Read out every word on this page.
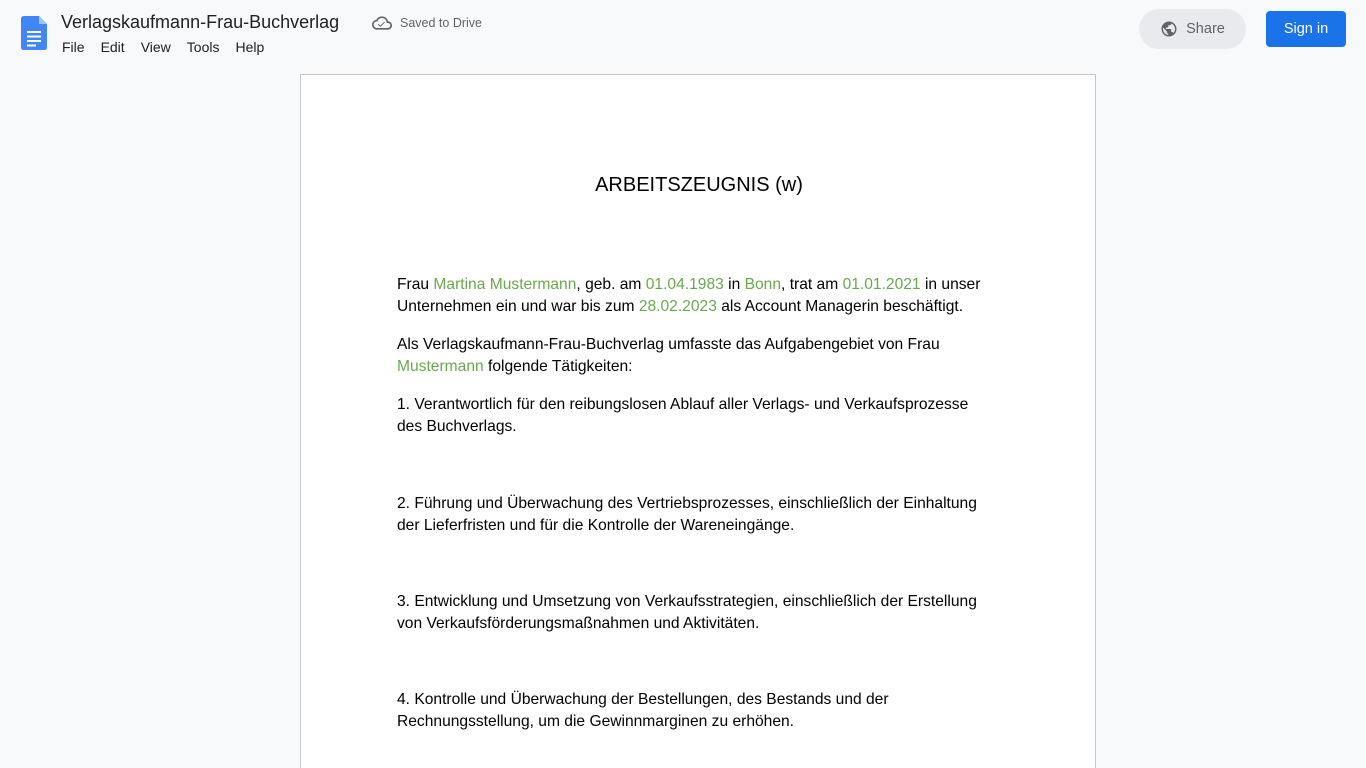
Verlagskaufmann-Frau-Buchverlag	Saved to Drive
File	Edit	View	Tools	Help
Share	Sign in
ARBEITSZEUGNIS (w)
Frau Martina Mustermann, geb. am 01.04.1983 in Bonn, trat am 01.01.2021 in unser Unternehmen ein und war bis zum 28.02.2023 als Account Managerin beschäftigt.
Als Verlagskaufmann-Frau-Buchverlag umfasste das Aufgabengebiet von Frau Mustermann folgende Tätigkeiten:
1. Verantwortlich für den reibungslosen Ablauf aller Verlags- und Verkaufsprozesse des Buchverlags.
2. Führung und Überwachung des Vertriebsprozesses, einschließlich der Einhaltung der Lieferfristen und für die Kontrolle der Wareneingänge.
3. Entwicklung und Umsetzung von Verkaufsstrategien, einschließlich der Erstellung von Verkaufsförderungsmaßnahmen und Aktivitäten.
4. Kontrolle und Überwachung der Bestellungen, des Bestands und der Rechnungsstellung, um die Gewinnmarginen zu erhöhen.
